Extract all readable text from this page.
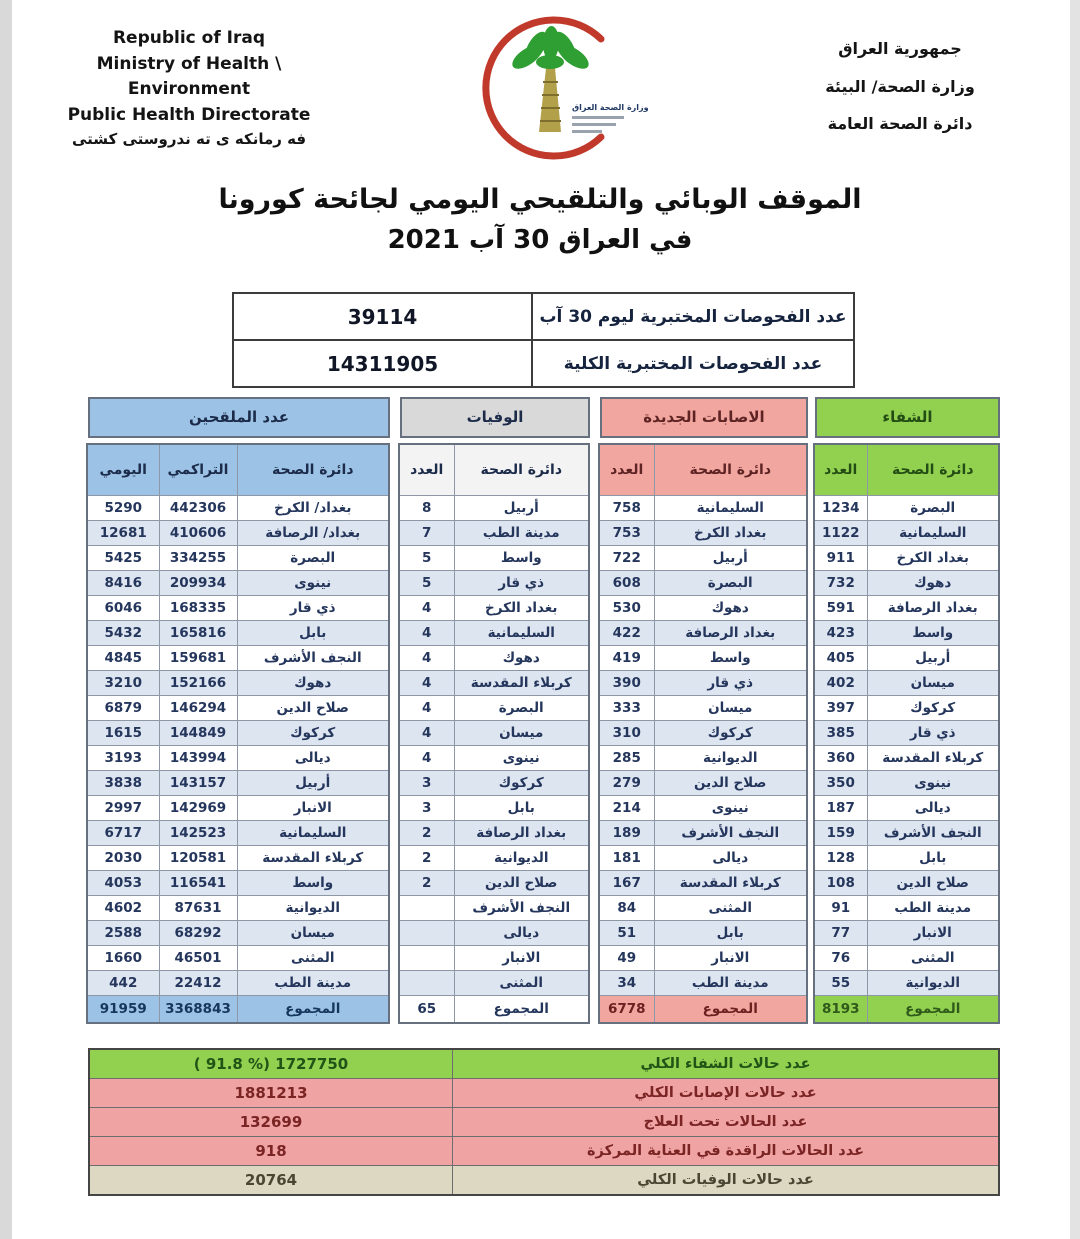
Republic of Iraq
Ministry of Health \ Environment
Public Health Directorate
فه رمانكه ى ته ندروستى كشتى
وزارة الصحة العراق
جمهورية العراق
وزارة الصحة/ البيئة
دائرة الصحة العامة
الموقف الوبائي والتلقيحي اليومي لجائحة كورونا
في العراق 30 آب 2021
عدد الفحوصات المختبرية ليوم 30 آب	39114
عدد الفحوصات المختبرية الكلية	14311905
عدد الملقحين
دائرة الصحة	التراكمي	اليومي
بغداد/ الكرخ	442306	5290
بغداد/ الرصافة	410606	12681
البصرة	334255	5425
نينوى	209934	8416
ذي قار	168335	6046
بابل	165816	5432
النجف الأشرف	159681	4845
دهوك	152166	3210
صلاح الدين	146294	6879
كركوك	144849	1615
ديالى	143994	3193
أربيل	143157	3838
الانبار	142969	2997
السليمانية	142523	6717
كربلاء المقدسة	120581	2030
واسط	116541	4053
الديوانية	87631	4602
ميسان	68292	2588
المثنى	46501	1660
مدينة الطب	22412	442
المجموع	3368843	91959
الوفيات
دائرة الصحة	العدد
أربيل	8
مدينة الطب	7
واسط	5
ذي قار	5
بغداد الكرخ	4
السليمانية	4
دهوك	4
كربلاء المقدسة	4
البصرة	4
ميسان	4
نينوى	4
كركوك	3
بابل	3
بغداد الرصافة	2
الديوانية	2
صلاح الدين	2
النجف الأشرف	
ديالى	
الانبار	
المثنى	
المجموع	65
الاصابات الجديدة
دائرة الصحة	العدد
السليمانية	758
بغداد الكرخ	753
أربيل	722
البصرة	608
دهوك	530
بغداد الرصافة	422
واسط	419
ذي قار	390
ميسان	333
كركوك	310
الديوانية	285
صلاح الدين	279
نينوى	214
النجف الأشرف	189
ديالى	181
كربلاء المقدسة	167
المثنى	84
بابل	51
الانبار	49
مدينة الطب	34
المجموع	6778
الشفاء
دائرة الصحة	العدد
البصرة	1234
السليمانية	1122
بغداد الكرخ	911
دهوك	732
بغداد الرصافة	591
واسط	423
أربيل	405
ميسان	402
كركوك	397
ذي قار	385
كربلاء المقدسة	360
نينوى	350
ديالى	187
النجف الأشرف	159
بابل	128
صلاح الدين	108
مدينة الطب	91
الانبار	77
المثنى	76
الديوانية	55
المجموع	8193
عدد حالات الشفاء الكلي	( 91.8 %) 1727750
عدد حالات الإصابات الكلي	1881213
عدد الحالات تحت العلاج	132699
عدد الحالات الراقدة في العناية المركزة	918
عدد حالات الوفيات الكلي	20764
